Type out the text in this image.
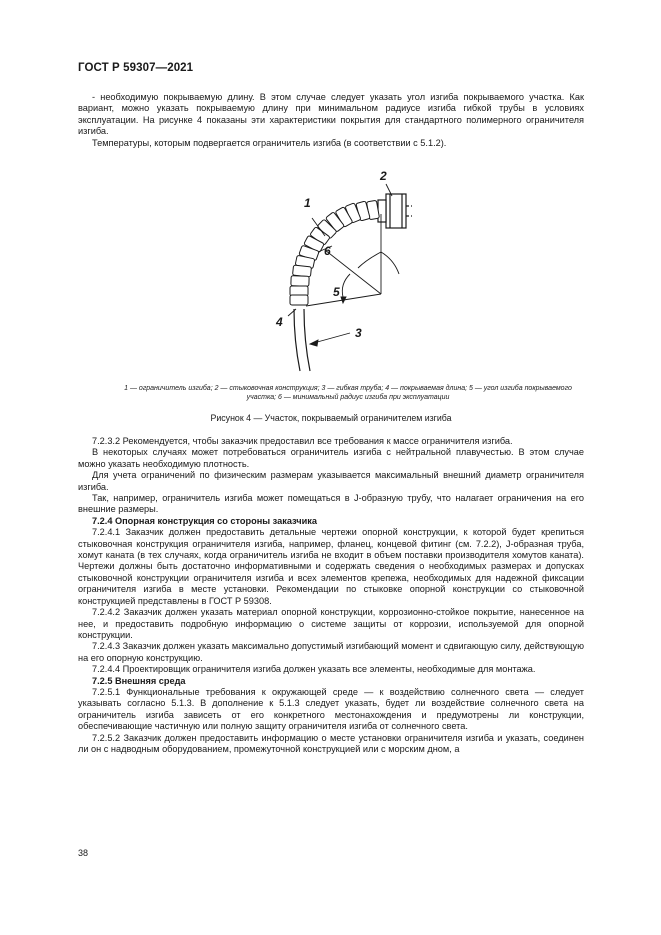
ГОСТ Р 59307—2021

- необходимую покрываемую длину. В этом случае следует указать угол изгиба покрываемого участка. Как вариант, можно указать покрываемую длину при минимальном радиусе изгиба гибкой трубы в условиях эксплуатации. На рисунке 4 показаны эти характеристики покрытия для стандартного полимерного ограничителя изгиба.

Температуры, которым подвергается ограничитель изгиба (в соответствии с 5.1.2).

1
2
3
4
5
6
1 — ограничитель изгиба; 2 — стыковочная конструкция; 3 — гибкая труба; 4 — покрываемая длина; 5 — угол изгиба покрываемого
участка; 6 — минимальный радиус изгиба при эксплуатации
Рисунок 4 — Участок, покрываемый ограничителем изгиба

7.2.3.2 Рекомендуется, чтобы заказчик предоставил все требования к массе ограничителя изгиба.

В некоторых случаях может потребоваться ограничитель изгиба с нейтральной плавучестью. В этом случае можно указать необходимую плотность.

Для учета ограничений по физическим размерам указывается максимальный внешний диаметр ограничителя изгиба.

Так, например, ограничитель изгиба может помещаться в J-образную трубу, что налагает ограничения на его внешние размеры.

7.2.4 Опорная конструкция со стороны заказчика

7.2.4.1 Заказчик должен предоставить детальные чертежи опорной конструкции, к которой будет крепиться стыковочная конструкция ограничителя изгиба, например, фланец, концевой фитинг (см. 7.2.2), J-образная труба, хомут каната (в тех случаях, когда ограничитель изгиба не входит в объем поставки производителя хомутов каната). Чертежи должны быть достаточно информативными и содержать сведения о необходимых размерах и допусках стыковочной конструкции ограничителя изгиба и всех элементов крепежа, необходимых для надежной фиксации ограничителя изгиба в месте установки. Рекомендации по стыковке опорной конструкции со стыковочной конструкцией представлены в ГОСТ Р 59308.

7.2.4.2 Заказчик должен указать материал опорной конструкции, коррозионно-стойкое покрытие, нанесенное на нее, и предоставить подробную информацию о системе защиты от коррозии, используемой для опорной конструкции.

7.2.4.3 Заказчик должен указать максимально допустимый изгибающий момент и сдвигающую силу, действующую на его опорную конструкцию.

7.2.4.4 Проектировщик ограничителя изгиба должен указать все элементы, необходимые для монтажа.

7.2.5 Внешняя среда

7.2.5.1 Функциональные требования к окружающей среде — к воздействию солнечного света — следует указывать согласно 5.1.3. В дополнение к 5.1.3 следует указать, будет ли воздействие солнечного света на ограничитель изгиба зависеть от его конкретного местонахождения и предумотрены ли конструкции, обеспечивающие частичную или полную защиту ограничителя изгиба от солнечного света.

7.2.5.2 Заказчик должен предоставить информацию о месте установки ограничителя изгиба и указать, соединен ли он с надводным оборудованием, промежуточной конструкцией или с морским дном, а

38
